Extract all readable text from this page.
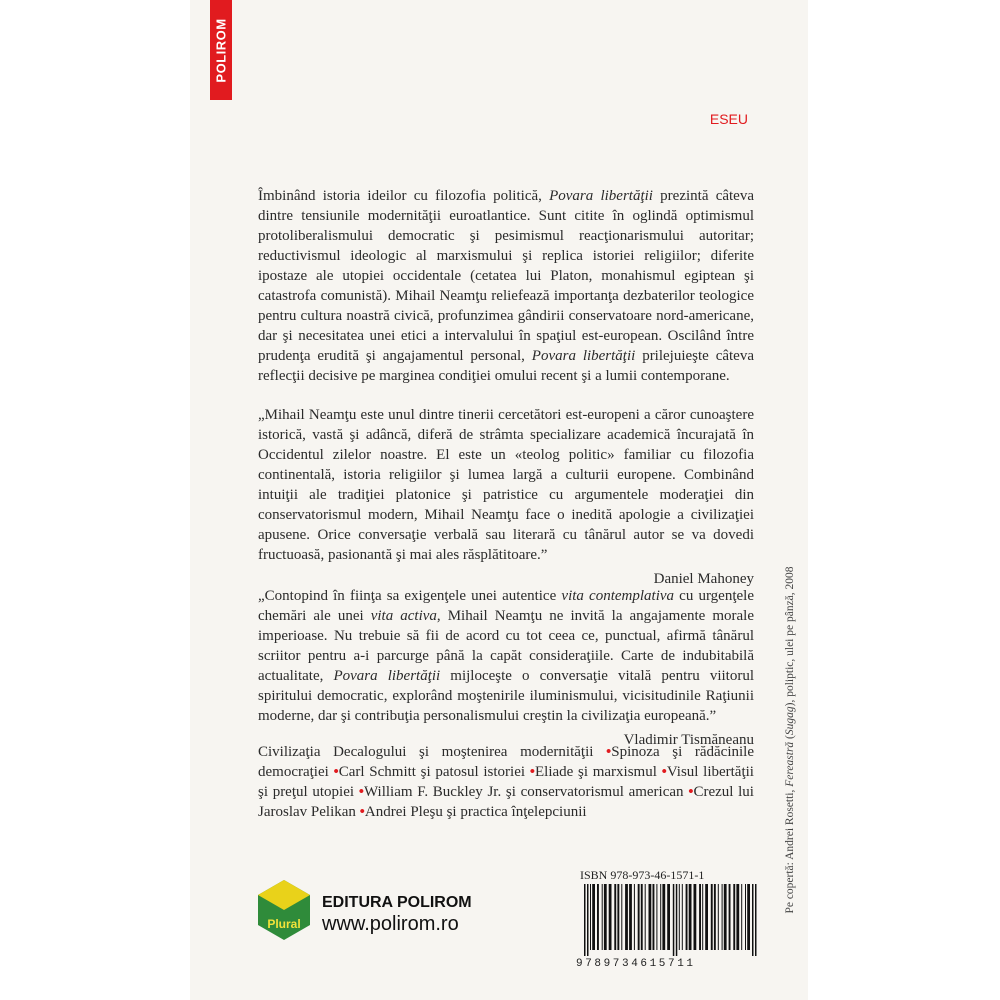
POLIROM
ESEU
Îmbinând istoria ideilor cu filozofia politică, Povara libertăţii prezintă câteva dintre tensiunile modernităţii euroatlantice. Sunt citite în oglindă optimismul protoliberalismului democratic şi pesimismul reacţionarismului autoritar; reductivismul ideologic al marxismului şi replica istoriei religiilor; diferite ipostaze ale utopiei occidentale (cetatea lui Platon, monahismul egiptean şi catastrofa comunistă). Mihail Neamţu reliefează importanţa dezbaterilor teologice pentru cultura noastră civică, profunzimea gândirii conservatoare nord-americane, dar şi necesitatea unei etici a intervalului în spaţiul est-european. Oscilând între prudenţa erudită şi angajamentul personal, Povara libertăţii prilejuieşte câteva reflecţii decisive pe marginea condiţiei omului recent şi a lumii contemporane.
„Mihail Neamţu este unul dintre tinerii cercetători est-europeni a căror cunoaştere istorică, vastă şi adâncă, diferă de strâmta specializare academică încurajată în Occidentul zilelor noastre. El este un «teolog politic» familiar cu filozofia continentală, istoria religiilor şi lumea largă a culturii europene. Combinând intuiţii ale tradiţiei platonice şi patristice cu argumentele moderaţiei din conservatorismul modern, Mihail Neamţu face o inedită apologie a civilizaţiei apusene. Orice conversaţie verbală sau literară cu tânărul autor se va dovedi fructuoasă, pasionantă şi mai ales răsplătitoare.”
Daniel Mahoney
„Contopind în fiinţa sa exigenţele unei autentice vita contemplativa cu urgenţele chemări ale unei vita activa, Mihail Neamţu ne invită la angajamente morale imperioase. Nu trebuie să fii de acord cu tot ceea ce, punctual, afirmă tânărul scriitor pentru a-i parcurge până la capăt consideraţiile. Carte de indubitabilă actualitate, Povara libertăţii mijloceşte o conversaţie vitală pentru viitorul spiritului democratic, explorând moştenirile iluminismului, vicisitudinile Raţiunii moderne, dar şi contribuţia personalismului creştin la civilizaţia europeană.”
Vladimir Tismăneanu
Civilizaţia Decalogului şi moştenirea modernităţii • Spinoza şi rădăcinile democraţiei • Carl Schmitt şi patosul istoriei • Eliade şi marxismul • Visul libertăţii şi preţul utopiei • William F. Buckley Jr. şi conservatorismul american • Crezul lui Jaroslav Pelikan • Andrei Pleşu şi practica înţelepciunii
Plural
EDITURA POLIROM
www.polirom.ro
ISBN 978-973-46-1571-1
9789734615711
Pe copertă: Andrei Rosetti, Fereastră (Sugag), poliptic, ulei pe pânză, 2008
